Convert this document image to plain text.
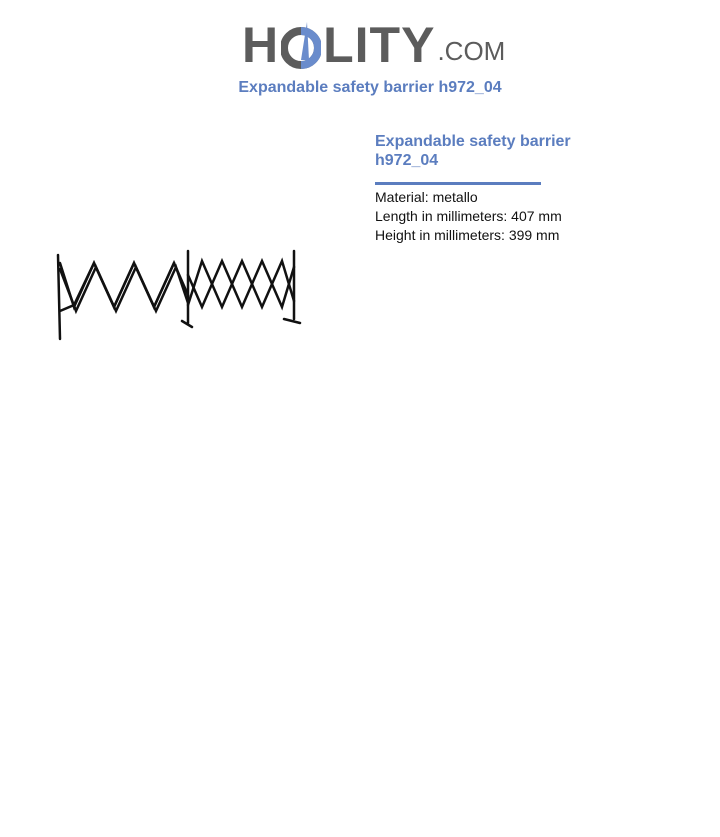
H LITY .COM
Expandable safety barrier h972_04
Expandable safety barrier h972_04
Material: metallo
Length in millimeters: 407 mm
Height in millimeters: 399 mm
